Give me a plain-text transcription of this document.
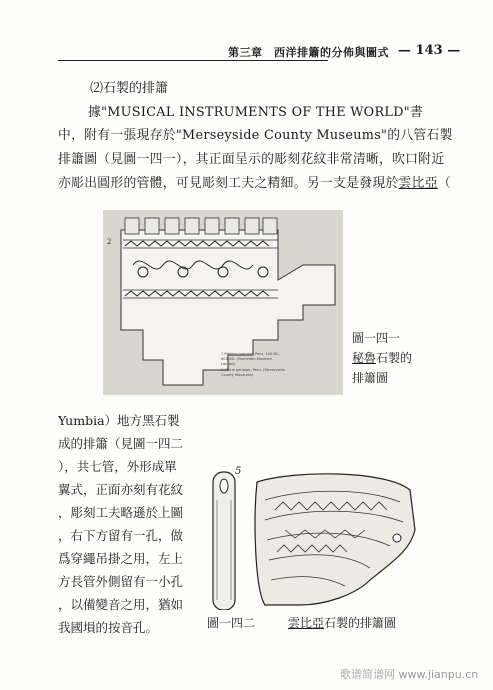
第三章　西洋排簫的分佈與圖式 — 143 —
⑵石製的排簫
據"MUSICAL INSTRUMENTS OF THE WORLD"書
中，附有一張現存於"Merseyside County Museums"的八管石製
排簫圖（見圖一四一），其正面呈示的彫刻花紋非常清晰，吹口附近
亦彫出圓形的管體，可見彫刻工夫之精細。另一支是發現於雲比亞（
2
1 Pottery panpipe, Peru, 100 BC–
600 AD. (Horniman Museum,
London)
2 Stone panpipe, Peru. (Merseyside
County Museums)
圖一四一
秘魯石製的
排簫圖
Yumbia）地方黑石製
成的排簫（見圖一四二
），共七管，外形成單
翼式，正面亦刻有花紋
，彫刻工夫略遜於上圖
，右下方留有一孔，做
爲穿繩吊掛之用，左上
方長管外側留有一小孔
，以備變音之用，猶如
我國塤的按音孔。
5
圖一四二	雲比亞石製的排簫圖
歌谱简谱网 www.jianpu.cn
